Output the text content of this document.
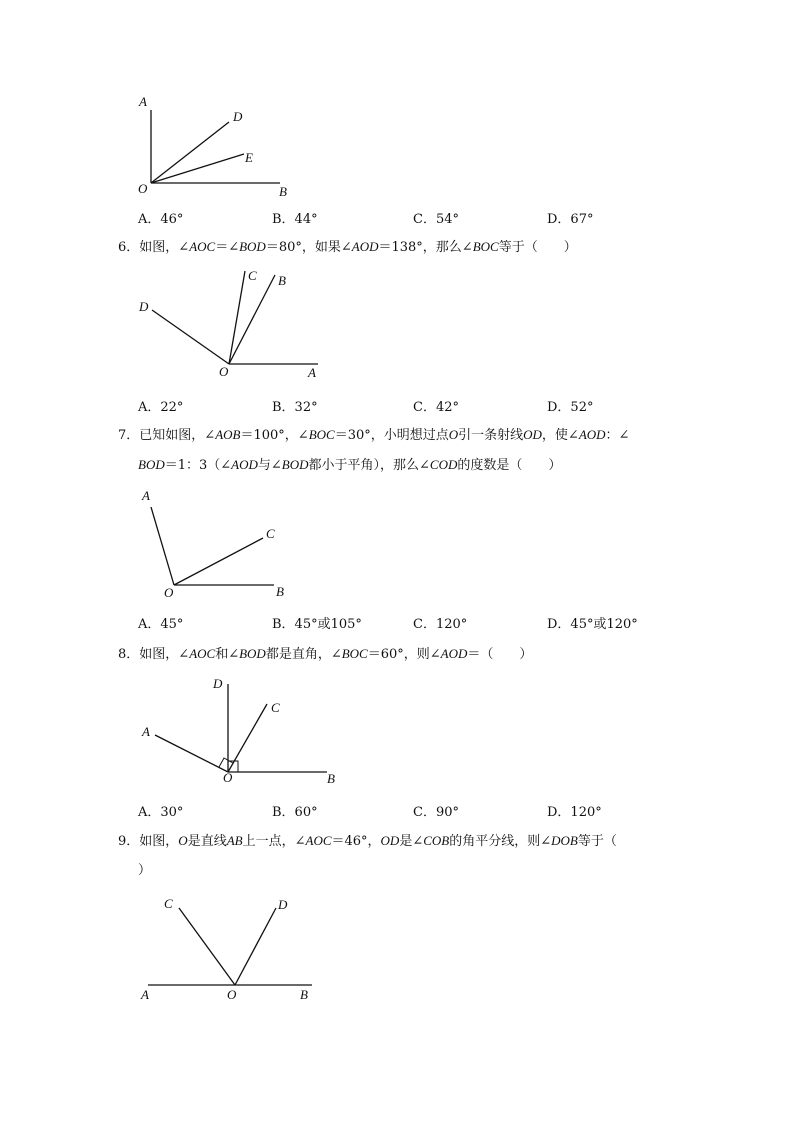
A
D
E
O	B
A．46°	B．44°	C．54°	D．67°
6．如图，∠AOC＝∠BOD＝80°，如果∠AOD＝138°，那么∠BOC等于（　　）
C B
D
O	A
A．22°	B．32°	C．42°	D．52°
7．已知如图，∠AOB＝100°，∠BOC＝30°，小明想过点O引一条射线OD，使∠AOD：∠
BOD＝1：3（∠AOD与∠BOD都小于平角），那么∠COD的度数是（　　）
A
C
O	B
A．45°	B．45°或105°	C．120°	D．45°或120°
8．如图，∠AOC和∠BOD都是直角，∠BOC＝60°，则∠AOD＝（　　）
D
C
A
O	B
A．30°	B．60°	C．90°	D．120°
9．如图，O是直线AB上一点，∠AOC＝46°，OD是∠COB的角平分线，则∠DOB等于（
）
C	D
A	O	B
